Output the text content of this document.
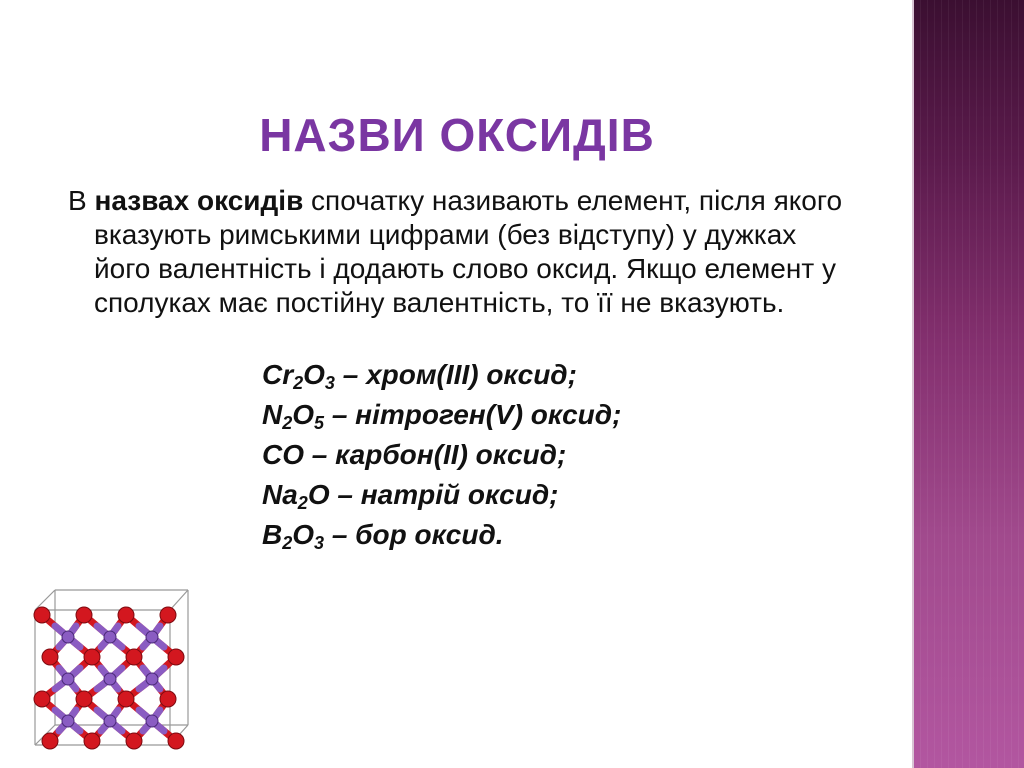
НАЗВИ ОКСИДІВ

В назвах оксидів спочатку називають елемент, після якого вказують римськими цифрами (без відступу) у дужках його валентність і додають слово оксид. Якщо елемент у сполуках має постійну валентність, то її не вказують.

$Cr_2O_3$ – хром(ІІІ) оксид;
$N_2O_5$ – нітроген(V) оксид;
CO – карбон(ІІ) оксид;
$Na_2O$ – натрій оксид;
$B_2O_3$ – бор оксид.
